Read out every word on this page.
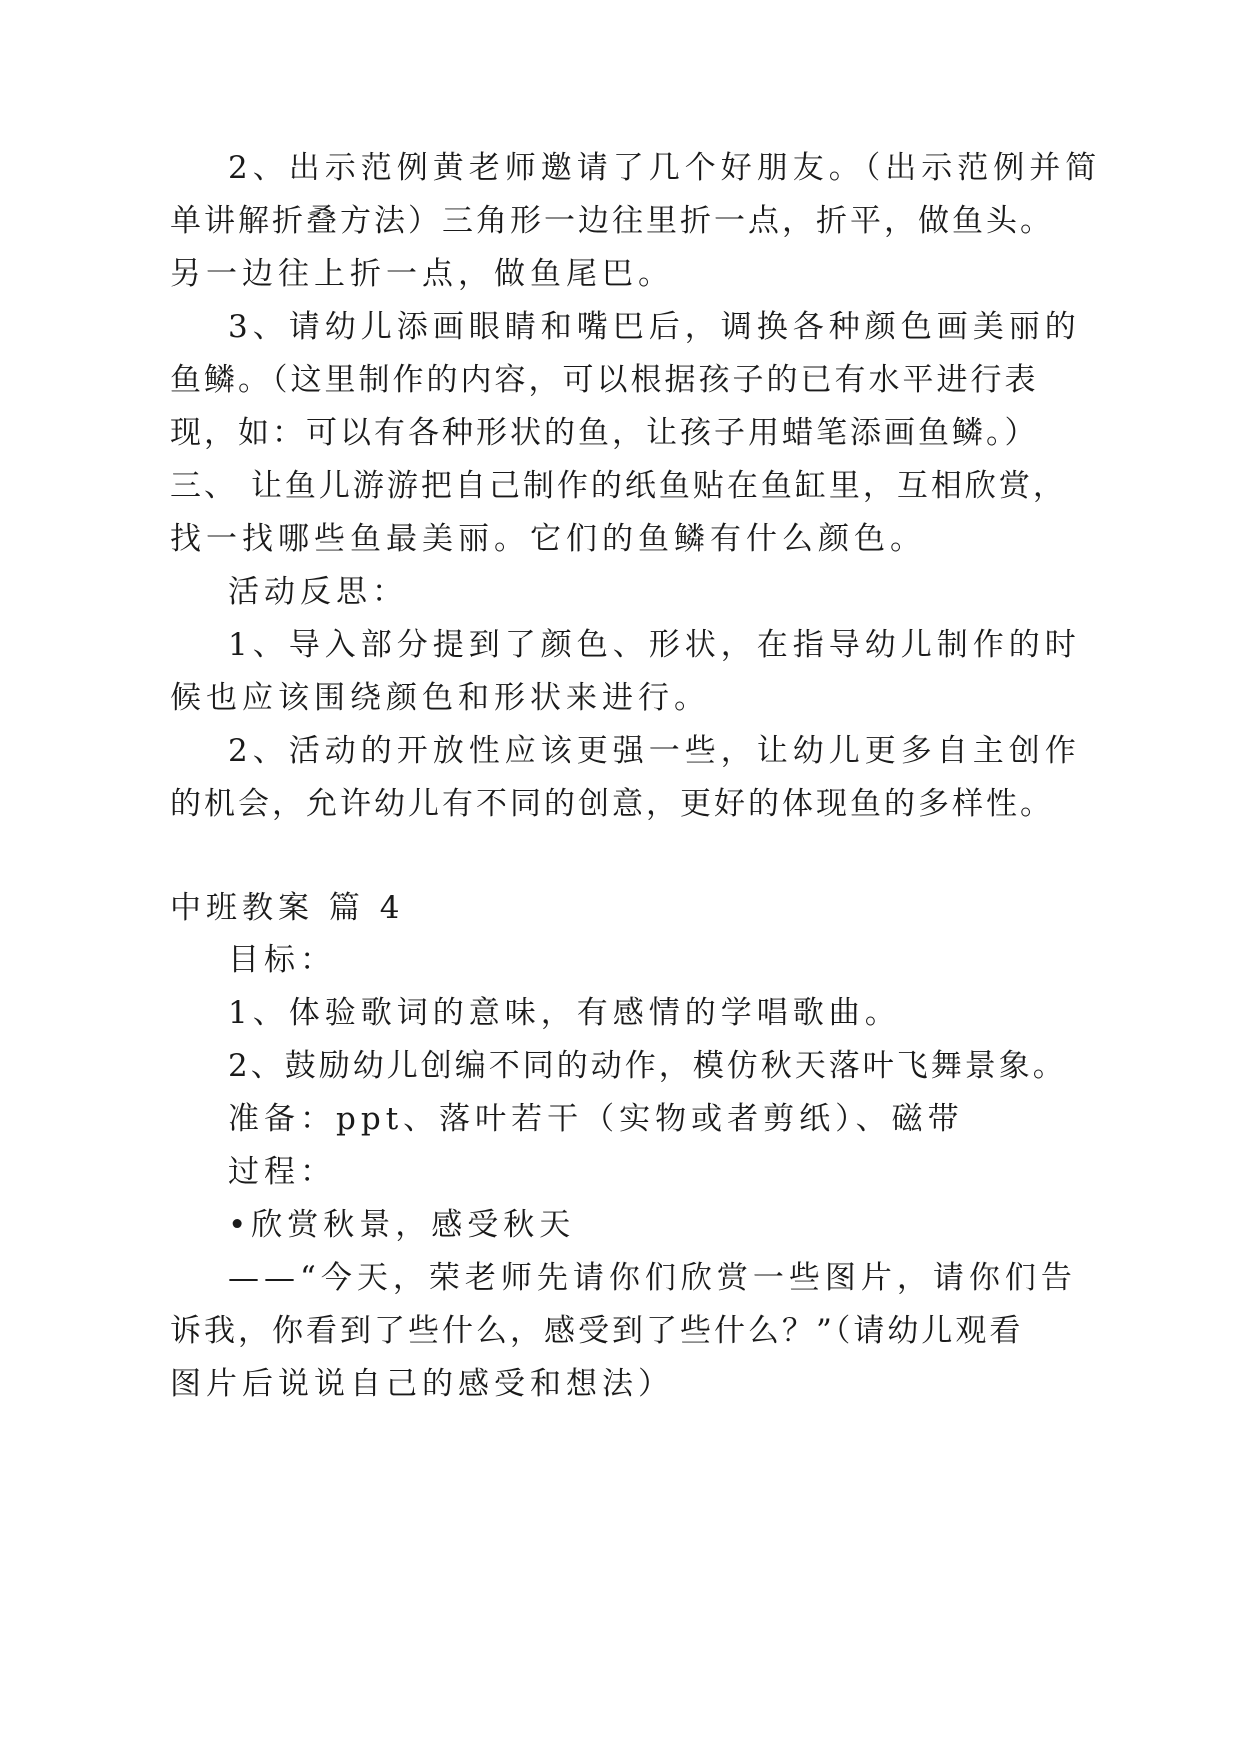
2、出示范例黄老师邀请了几个好朋友。（出示范例并简
单讲解折叠方法）三角形一边往里折一点，折平，做鱼头。
另一边往上折一点，做鱼尾巴。
3、请幼儿添画眼睛和嘴巴后，调换各种颜色画美丽的
鱼鳞。（这里制作的内容，可以根据孩子的已有水平进行表
现，如：可以有各种形状的鱼，让孩子用蜡笔添画鱼鳞。）
三、 让鱼儿游游把自己制作的纸鱼贴在鱼缸里，互相欣赏，
找一找哪些鱼最美丽。它们的鱼鳞有什么颜色。
活动反思：
1、导入部分提到了颜色、形状，在指导幼儿制作的时
候也应该围绕颜色和形状来进行。
2、活动的开放性应该更强一些，让幼儿更多自主创作
的机会，允许幼儿有不同的创意，更好的体现鱼的多样性。
中班教案 篇 4
目标：
1、体验歌词的意味，有感情的学唱歌曲。
2、鼓励幼儿创编不同的动作，模仿秋天落叶飞舞景象。
准备：ppt、落叶若干（实物或者剪纸）、磁带
过程：
•欣赏秋景，感受秋天
——“今天，荣老师先请你们欣赏一些图片，请你们告
诉我，你看到了些什么，感受到了些什么？”（请幼儿观看
图片后说说自己的感受和想法）
